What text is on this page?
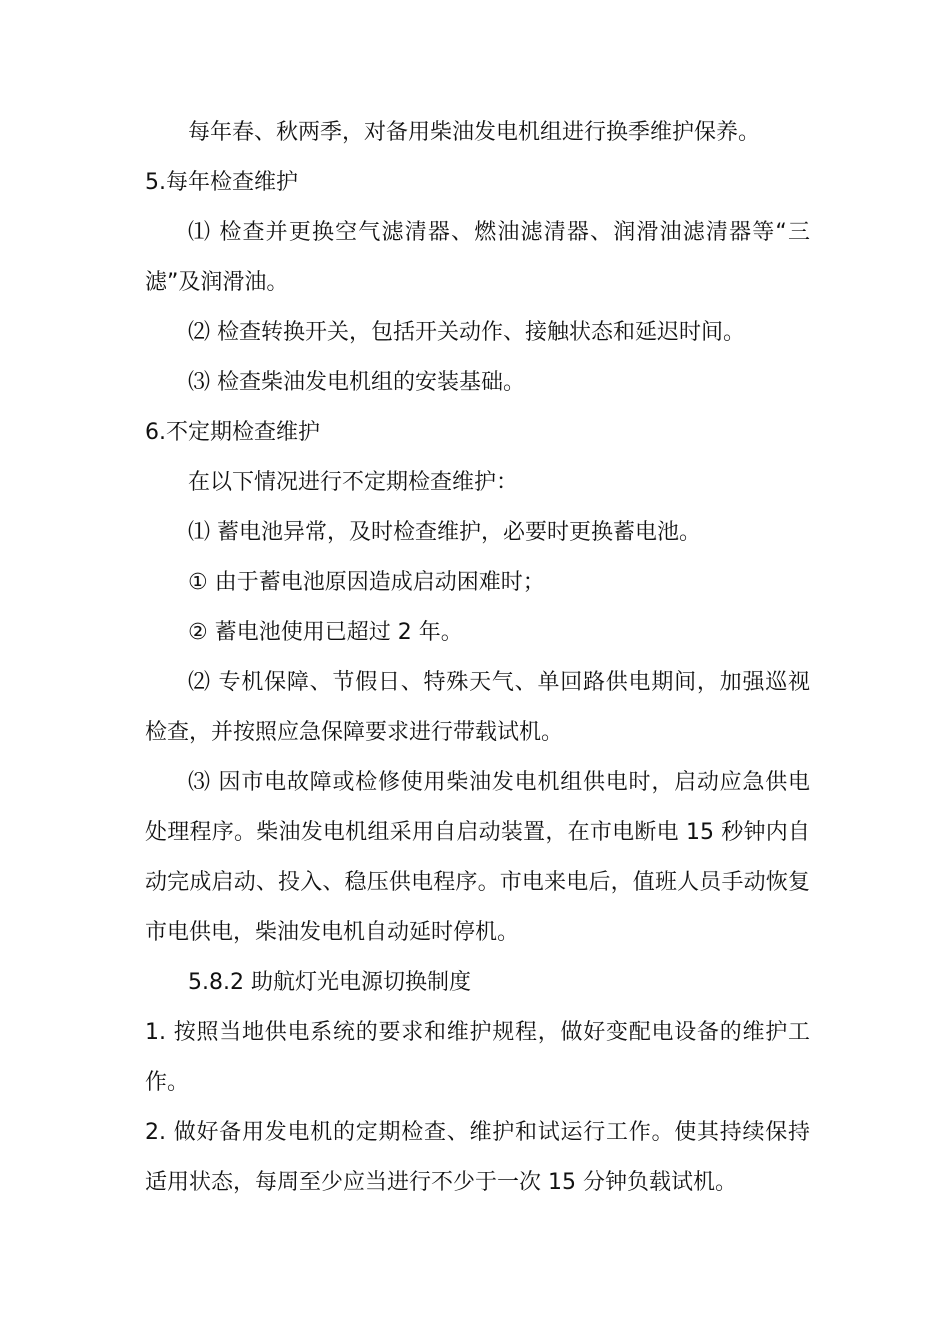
每年春、秋两季，对备用柴油发电机组进行换季维护保养。
5.每年检查维护
⑴ 检查并更换空气滤清器、燃油滤清器、润滑油滤清器等“三
滤”及润滑油。
⑵ 检查转换开关，包括开关动作、接触状态和延迟时间。
⑶ 检查柴油发电机组的安装基础。
6.不定期检查维护
在以下情况进行不定期检查维护：
⑴ 蓄电池异常，及时检查维护，必要时更换蓄电池。
① 由于蓄电池原因造成启动困难时；
② 蓄电池使用已超过 2 年。
⑵ 专机保障、节假日、特殊天气、单回路供电期间，加强巡视
检查，并按照应急保障要求进行带载试机。
⑶ 因市电故障或检修使用柴油发电机组供电时，启动应急供电
处理程序。柴油发电机组采用自启动装置，在市电断电 15 秒钟内自
动完成启动、投入、稳压供电程序。市电来电后，值班人员手动恢复
市电供电，柴油发电机自动延时停机。
5.8.2 助航灯光电源切换制度
1. 按照当地供电系统的要求和维护规程，做好变配电设备的维护工
作。
2. 做好备用发电机的定期检查、维护和试运行工作。使其持续保持
适用状态，每周至少应当进行不少于一次 15 分钟负载试机。
